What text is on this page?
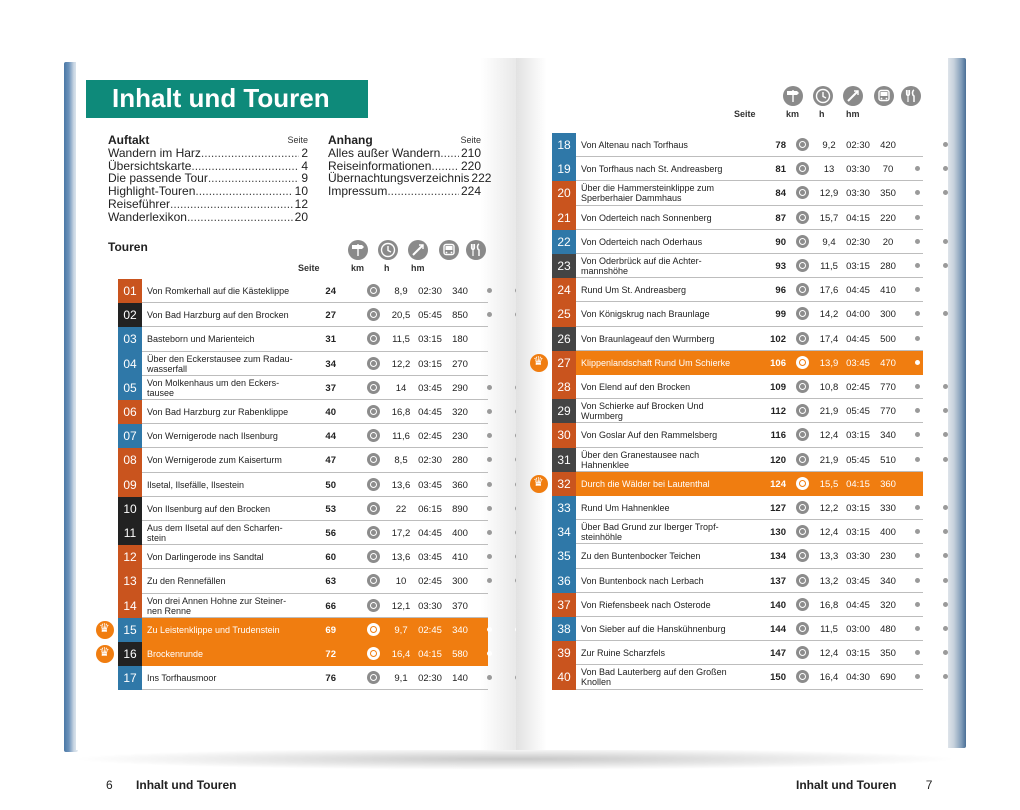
Inhalt und Touren
Auftakt	Seite
Wandern im Harz .....	2
Übersichtskarte .....	4
Die passende Tour .....	9
Highlight-Touren .....	10
Reiseführer .....	12
Wanderlexikon .....	20
Anhang	Seite
Alles außer Wandern ..... 210
Reiseinformationen ..... 220
Übernachtungsverzeichnis 222
Impressum .....	224
Touren
Seite	km h hm
01	Von Romkerhall auf die Kästeklippe	24	8,9	02:30	340
02	Von Bad Harzburg auf den Brocken	27	20,5 05:45	850
03	Basteborn und Marienteich	31	11,5 03:15	180
04	Über den Eckerstausee zum Radau-
wasserfall	34	12,2 03:15	270
05	Von Molkenhaus um den Eckers-
tausee	37	14	03:45	290
06	Von Bad Harzburg zur Rabenklippe	40	16,8 04:45	320
07	Von Wernigerode nach Ilsenburg	44	11,6 02:45	230
08	Von Wernigerode zum Kaiserturm	47	8,5	02:30	280
09	Ilsetal, Ilsefälle, Ilsestein	50	13,6 03:45	360
10	Von Ilsenburg auf den Brocken	53	22	06:15	890
11	Aus dem Ilsetal auf den Scharfen-
stein	56	17,2 04:45	400
12	Von Darlingerode ins Sandtal	60	13,6 03:45	410
13	Zu den Rennefällen	63	10	02:45	300
14	Von drei Annen Hohne zur Steiner-
nen Renne	66	12,1 03:30	370
15	Zu Leistenklippe und Trudenstein	69	9,7	02:45	340
16	Brockenrunde	72	16,4 04:15	580
17	Ins Torfhausmoor	76	9,1	02:30	140
6 Inhalt und Touren
♛
♛
Seite	km h hm
18	Von Altenau nach Torfhaus	78	9,2	02:30	420
19	Von Torfhaus nach St. Andreasberg	81	13	03:30	70
20	Über die Hammersteinklippe zum
Sperberhaier Dammhaus	84	12,9 03:30	350
21	Von Oderteich nach Sonnenberg	87	15,7 04:15	220
22	Von Oderteich nach Oderhaus	90	9,4	02:30	20
23	Von Oderbrück auf die Achter-
mannshöhe	93	11,5 03:15	280
24	Rund Um St. Andreasberg	96	17,6 04:45	410
25	Von Königskrug nach Braunlage	99	14,2 04:00	300
26	Von Braunlageauf den Wurmberg	102	17,4 04:45	500
27	Klippenlandschaft Rund Um Schierke	106	13,9 03:45	470
28	Von Elend auf den Brocken	109	10,8 02:45	770
29	Von Schierke auf Brocken Und
Wurmberg	112	21,9 05:45	770
30	Von Goslar Auf den Rammelsberg	116	12,4 03:15	340
31	Über den Granestausee nach
Hahnenklee	120	21,9 05:45	510
32	Durch die Wälder bei Lautenthal	124	15,5 04:15	360
33	Rund Um Hahnenklee	127	12,2 03:15	330
34	Über Bad Grund zur Iberger Tropf-
steinhöhle	130	12,4 03:15	400
35	Zu den Buntenbocker Teichen	134	13,3 03:30	230
36	Von Buntenbock nach Lerbach	137	13,2 03:45	340
37	Von Riefensbeek nach Osterode	140	16,8 04:45	320
38	Von Sieber auf die Hanskühnenburg	144	11,5 03:00	480
39	Zur Ruine Scharzfels	147	12,4 03:15	350
40	Von Bad Lauterberg auf den Großen
Knollen	150	16,4 04:30	690
Inhalt und Touren 7
♛
♛
